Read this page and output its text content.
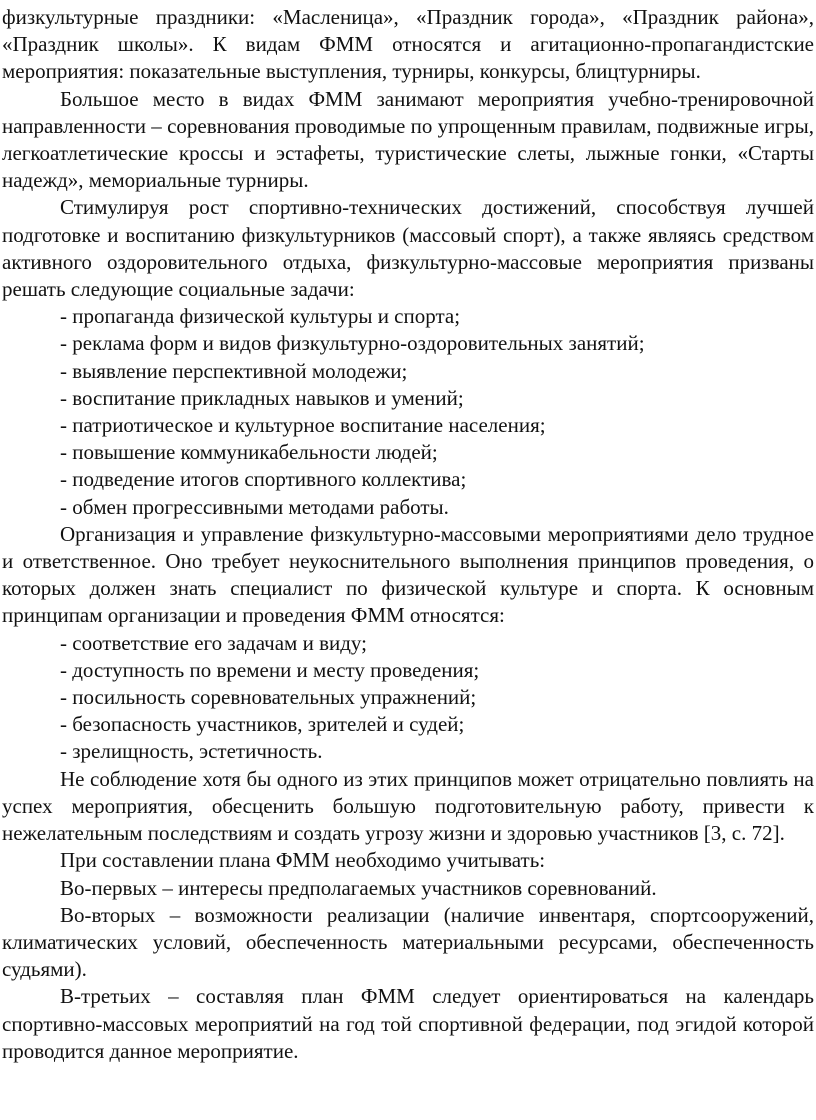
физкультурные праздники: «Масленица», «Праздник города», «Праздник района», «Праздник школы». К видам ФММ относятся и агитационно-пропагандистские мероприятия: показательные выступления, турниры, конкурсы, блицтурниры.

Большое место в видах ФММ занимают мероприятия учебно-тренировочной направленности – соревнования проводимые по упрощенным правилам, подвижные игры, легкоатлетические кроссы и эстафеты, туристические слеты, лыжные гонки, «Старты надежд», мемориальные турниры.

Стимулируя рост спортивно-технических достижений, способствуя лучшей подготовке и воспитанию физкультурников (массовый спорт), а также являясь средством активного оздоровительного отдыха, физкультурно-массовые мероприятия призваны решать следующие социальные задачи:

- пропаганда физической культуры и спорта;

- реклама форм и видов физкультурно-оздоровительных занятий;

- выявление перспективной молодежи;

- воспитание прикладных навыков и умений;

- патриотическое и культурное воспитание населения;

- повышение коммуникабельности людей;

- подведение итогов спортивного коллектива;

- обмен прогрессивными методами работы.

Организация и управление физкультурно-массовыми мероприятиями дело трудное и ответственное. Оно требует неукоснительного выполнения принципов проведения, о которых должен знать специалист по физической культуре и спорта. К основным принципам организации и проведения ФММ относятся:

- соответствие его задачам и виду;

- доступность по времени и месту проведения;

- посильность соревновательных упражнений;

- безопасность участников, зрителей и судей;

- зрелищность, эстетичность.

Не соблюдение хотя бы одного из этих принципов может отрицательно повлиять на успех мероприятия, обесценить большую подготовительную работу, привести к нежелательным последствиям и создать угрозу жизни и здоровью участников [3, с. 72].

При составлении плана ФММ необходимо учитывать:

Во-первых – интересы предполагаемых участников соревнований.

Во-вторых – возможности реализации (наличие инвентаря, спортсооружений, климатических условий, обеспеченность материальными ресурсами, обеспеченность судьями).

В-третьих – составляя план ФММ следует ориентироваться на календарь спортивно-массовых мероприятий на год той спортивной федерации, под эгидой которой проводится данное мероприятие.
